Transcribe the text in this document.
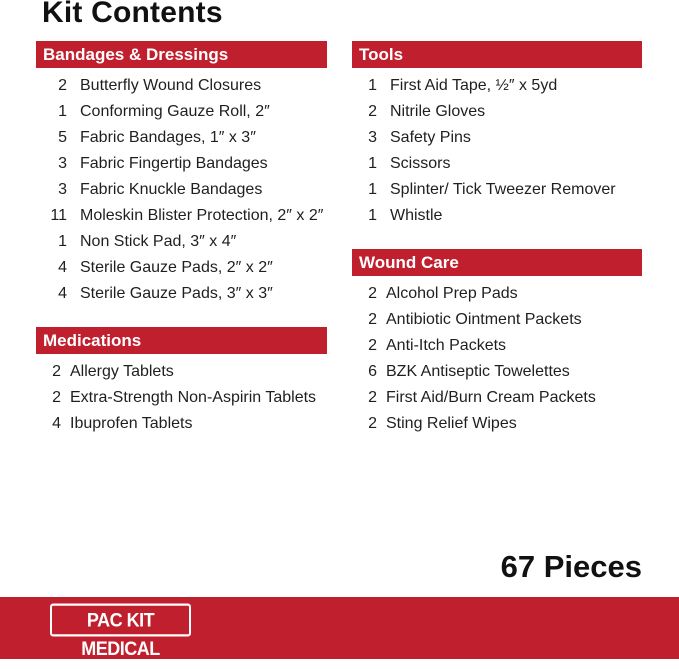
Kit Contents
Bandages & Dressings
2 Butterfly Wound Closures
1 Conforming Gauze Roll, 2″
5 Fabric Bandages, 1″ x 3″
3 Fabric Fingertip Bandages
3 Fabric Knuckle Bandages
11 Moleskin Blister Protection, 2″ x 2″
1 Non Stick Pad, 3″ x 4″
4 Sterile Gauze Pads, 2″ x 2″
4 Sterile Gauze Pads, 3″ x 3″
Medications
2 Allergy Tablets
2 Extra-Strength Non-Aspirin Tablets
4 Ibuprofen Tablets
Tools
1 First Aid Tape, ½″ x 5yd
2 Nitrile Gloves
3 Safety Pins
1 Scissors
1 Splinter/ Tick Tweezer Remover
1 Whistle
Wound Care
2 Alcohol Prep Pads
2 Antibiotic Ointment Packets
2 Anti-Itch Packets
6 BZK Antiseptic Towelettes
2 First Aid/Burn Cream Packets
2 Sting Relief Wipes
67 Pieces
PAC KIT MEDICAL
OUTFITTED FOR ADVENTURE
